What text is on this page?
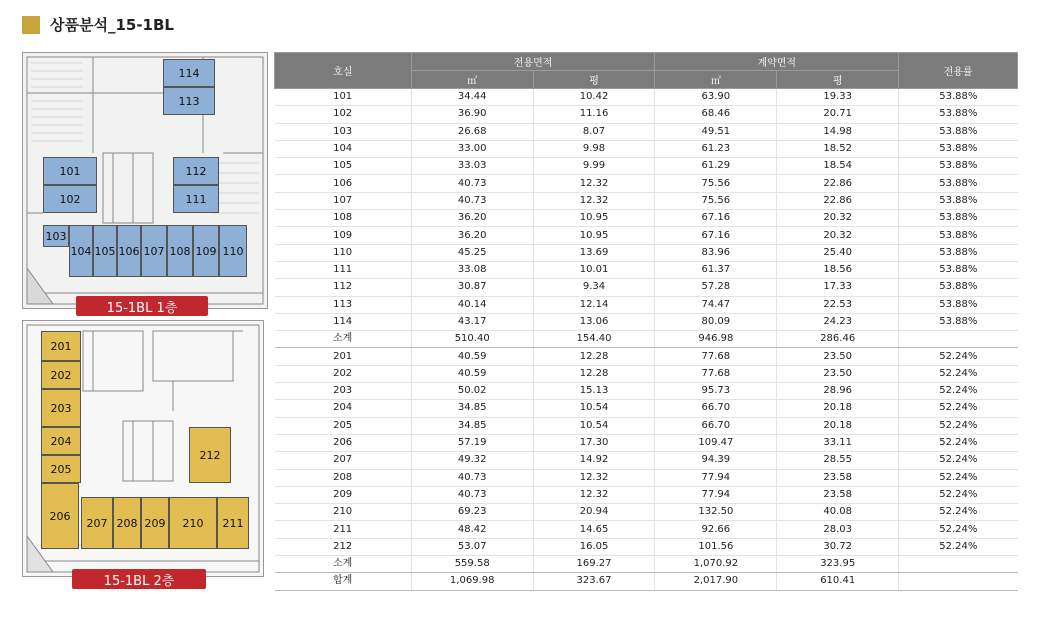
상품분석_15-1BL
114
113
101
102
112
111
103
104 105 106 107 108 109 110
15-1BL 1층
201
202
203
204
205
212
206
207 208 209	210	211
15-1BL 2층
호실	전용면적		계약면적		전용률
	㎡	평	㎡	평	
101	34.44	10.42	63.90	19.33	53.88%
102	36.90	11.16	68.46	20.71	53.88%
103	26.68	8.07	49.51	14.98	53.88%
104	33.00	9.98	61.23	18.52	53.88%
105	33.03	9.99	61.29	18.54	53.88%
106	40.73	12.32	75.56	22.86	53.88%
107	40.73	12.32	75.56	22.86	53.88%
108	36.20	10.95	67.16	20.32	53.88%
109	36.20	10.95	67.16	20.32	53.88%
110	45.25	13.69	83.96	25.40	53.88%
111	33.08	10.01	61.37	18.56	53.88%
112	30.87	9.34	57.28	17.33	53.88%
113	40.14	12.14	74.47	22.53	53.88%
114	43.17	13.06	80.09	24.23	53.88%
소계	510.40	154.40	946.98	286.46	
201	40.59	12.28	77.68	23.50	52.24%
202	40.59	12.28	77.68	23.50	52.24%
203	50.02	15.13	95.73	28.96	52.24%
204	34.85	10.54	66.70	20.18	52.24%
205	34.85	10.54	66.70	20.18	52.24%
206	57.19	17.30	109.47	33.11	52.24%
207	49.32	14.92	94.39	28.55	52.24%
208	40.73	12.32	77.94	23.58	52.24%
209	40.73	12.32	77.94	23.58	52.24%
210	69.23	20.94	132.50	40.08	52.24%
211	48.42	14.65	92.66	28.03	52.24%
212	53.07	16.05	101.56	30.72	52.24%
소계	559.58	169.27	1,070.92	323.95	
합계	1,069.98	323.67	2,017.90	610.41	
